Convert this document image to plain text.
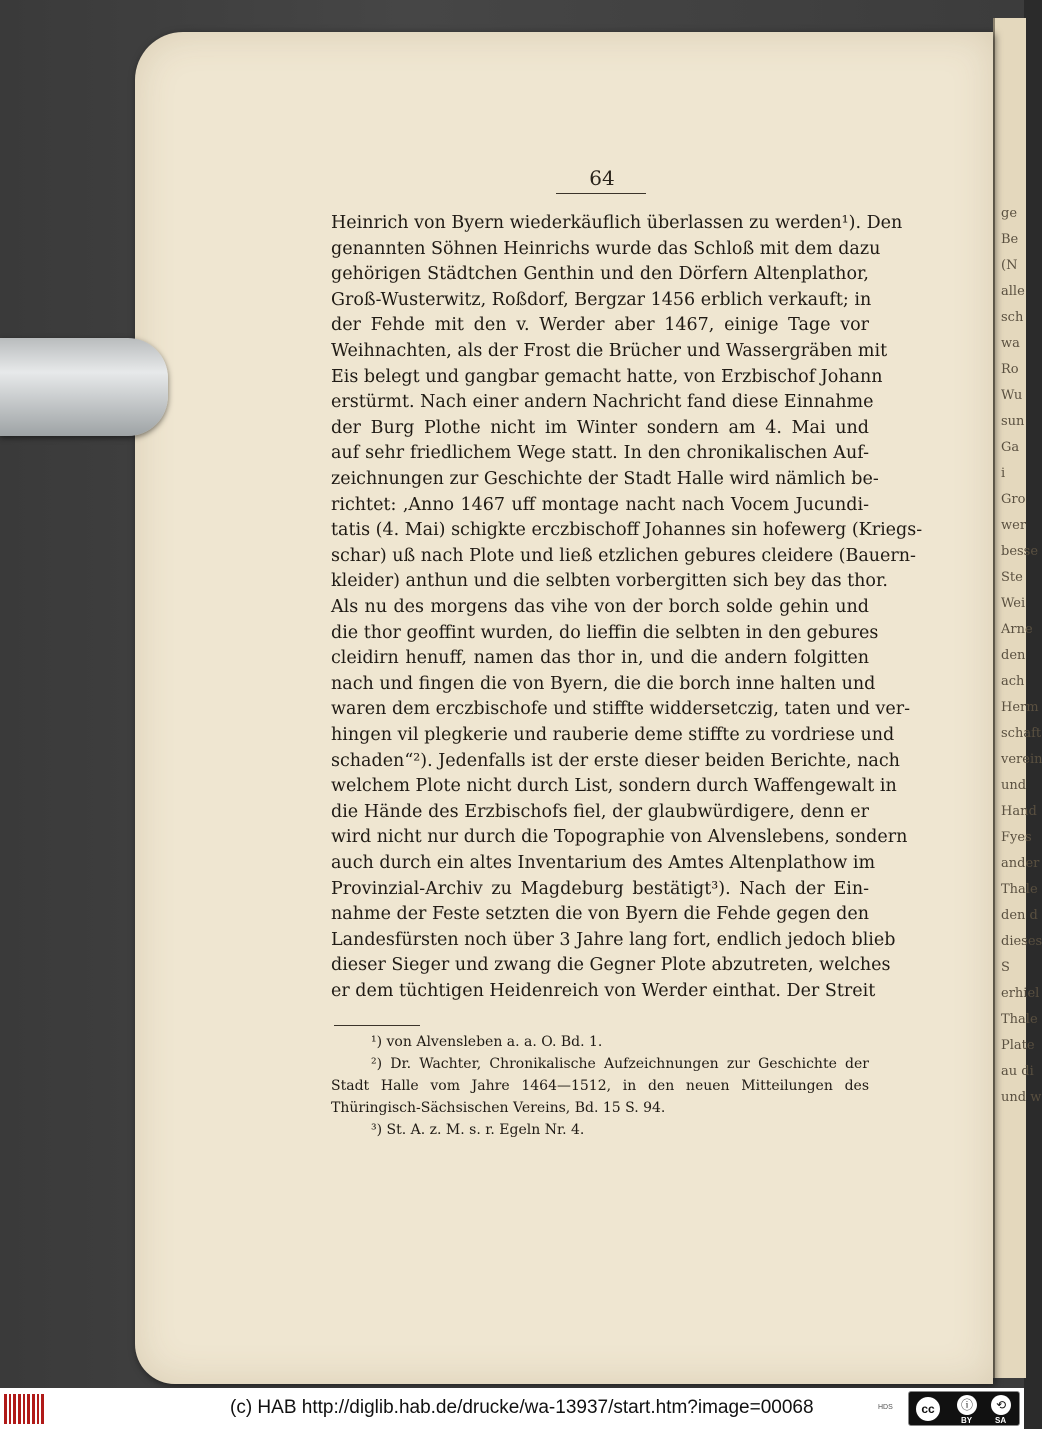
ge
Be
(N
alle
sch
wa
Ro
Wu
sun
Ga
i
Gro
wer
besse
Ste
Wei
Arne
den
ach
Herm
schaft
verein
und
Hand
Fyes
ander
Thale
den d
dieses
S
erhiel
Thale
Plate
au di
und w
64
Heinrich von Byern wiederkäuflich überlassen zu werden¹). Den
genannten Söhnen Heinrichs wurde das Schloß mit dem dazu
gehörigen Städtchen Genthin und den Dörfern Altenplathor,
Groß-Wusterwitz, Roßdorf, Bergzar 1456 erblich verkauft; in
der Fehde mit den v. Werder aber 1467, einige Tage vor
Weihnachten, als der Frost die Brücher und Wassergräben mit
Eis belegt und gangbar gemacht hatte, von Erzbischof Johann
erstürmt. Nach einer andern Nachricht fand diese Einnahme
der Burg Plothe nicht im Winter sondern am 4. Mai und
auf sehr friedlichem Wege statt. In den chronikalischen Auf-
zeichnungen zur Geschichte der Stadt Halle wird nämlich be-
richtet: ‚Anno 1467 uff montage nacht nach Vocem Jucundi-
tatis (4. Mai) schigkte erczbischoff Johannes sin hofewerg (Kriegs-
schar) uß nach Plote und ließ etzlichen gebures cleidere (Bauern-
kleider) anthun und die selbten vorbergitten sich bey das thor.
Als nu des morgens das vihe von der borch solde gehin und
die thor geoffint wurden, do lieffin die selbten in den gebures
cleidirn henuff, namen das thor in, und die andern folgitten
nach und fingen die von Byern, die die borch inne halten und
waren dem erczbischofe und stiffte widdersetczig, taten und ver-
hingen vil plegkerie und rauberie deme stiffte zu vordriese und
schaden“²). Jedenfalls ist der erste dieser beiden Berichte, nach
welchem Plote nicht durch List, sondern durch Waffengewalt in
die Hände des Erzbischofs fiel, der glaubwürdigere, denn er
wird nicht nur durch die Topographie von Alvenslebens, sondern
auch durch ein altes Inventarium des Amtes Altenplathow im
Provinzial-Archiv zu Magdeburg bestätigt³). Nach der Ein-
nahme der Feste setzten die von Byern die Fehde gegen den
Landesfürsten noch über 3 Jahre lang fort, endlich jedoch blieb
dieser Sieger und zwang die Gegner Plote abzutreten, welches
er dem tüchtigen Heidenreich von Werder einthat. Der Streit
¹) von Alvensleben a. a. O. Bd. 1.
²) Dr. Wachter, Chronikalische Aufzeichnungen zur Geschichte der
Stadt Halle vom Jahre 1464—1512, in den neuen Mitteilungen des
Thüringisch-Sächsischen Vereins, Bd. 15 S. 94.
³) St. A. z. M. s. r. Egeln Nr. 4.
(c) HAB http://diglib.hab.de/drucke/wa-13937/start.htm?image=00068	HDS	cc	ⓘ	⟲
BY	SA
